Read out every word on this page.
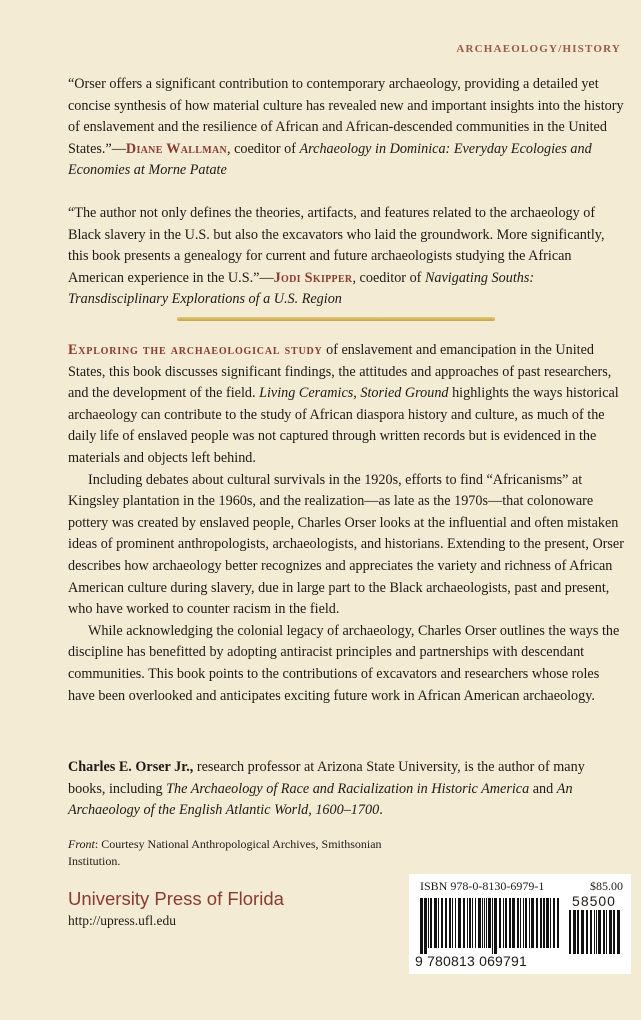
ARCHAEOLOGY/HISTORY

“Orser offers a significant contribution to contemporary archaeology, providing a detailed yet concise synthesis of how material culture has revealed new and important insights into the history of enslavement and the resilience of African and African-descended communities in the United States.”—Diane Wallman, coeditor of Archaeology in Dominica: Everyday Ecologies and Economies at Morne Patate

“The author not only defines the theories, artifacts, and features related to the archaeology of Black slavery in the U.S. but also the excavators who laid the groundwork. More significantly, this book presents a genealogy for current and future archaeologists studying the African American experience in the U.S.”—Jodi Skipper, coeditor of Navigating Souths: Transdisciplinary Explorations of a U.S. Region

Exploring the archaeological study of enslavement and emancipation in the United States, this book discusses significant findings, the attitudes and approaches of past researchers, and the development of the field. Living Ceramics, Storied Ground highlights the ways historical archaeology can contribute to the study of African diaspora history and culture, as much of the daily life of enslaved people was not captured through written records but is evidenced in the materials and objects left behind.

Including debates about cultural survivals in the 1920s, efforts to find “Africanisms” at Kingsley plantation in the 1960s, and the realization—as late as the 1970s—that colonoware pottery was created by enslaved people, Charles Orser looks at the influential and often mistaken ideas of prominent anthropologists, archaeologists, and historians. Extending to the present, Orser describes how archaeology better recognizes and appreciates the variety and richness of African American culture during slavery, due in large part to the Black archaeologists, past and present, who have worked to counter racism in the field.

While acknowledging the colonial legacy of archaeology, Charles Orser outlines the ways the discipline has benefitted by adopting antiracist principles and partnerships with descendant communities. This book points to the contributions of excavators and researchers whose roles have been overlooked and anticipates exciting future work in African American archaeology.

Charles E. Orser Jr., research professor at Arizona State University, is the author of many books, including The Archaeology of Race and Racialization in Historic America and An Archaeology of the English Atlantic World, 1600–1700.

Front: Courtesy National Anthropological Archives, Smithsonian Institution.

University Press of Florida
http://upress.ufl.edu
ISBN 978-0-8130-6979-1	$85.00
58500
9 780813 069791
